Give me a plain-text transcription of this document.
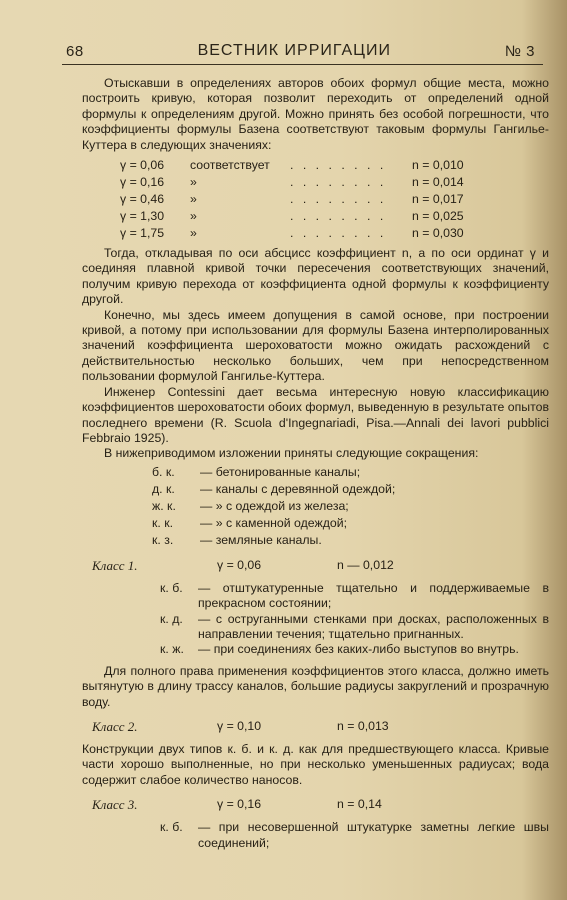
68	ВЕСТНИК ИРРИГАЦИИ	№ 3

Отыскавши в определениях авторов обоих формул общие места, можно построить кривую, которая позволит переходить от определений одной формулы к определениям другой. Можно принять без особой погрешности, что коэффициенты формулы Базена соответствуют таковым формулы Гангилье-Куттера в следующих значениях:

γ = 0,06	соответствует	. . . . . . . .	n = 0,010
γ = 0,16	»	. . . . . . . .	n = 0,014
γ = 0,46	»	. . . . . . . .	n = 0,017
γ = 1,30	»	. . . . . . . .	n = 0,025
γ = 1,75	»	. . . . . . . .	n = 0,030

Тогда, откладывая по оси абсцисс коэффициент n, а по оси ординат γ и соединяя плавной кривой точки пересечения соответствующих значений, получим кривую перехода от коэффициента одной формулы к коэффициенту другой.

Конечно, мы здесь имеем допущения в самой основе, при построении кривой, а потому при использовании для формулы Базена интерполированных значений коэффициента шероховатости можно ожидать расхождений с действительностью несколько больших, чем при непосредственном пользовании формулой Гангилье-Куттера.

Инженер Contessini дает весьма интересную новую классификацию коэффициентов шероховатости обоих формул, выведенную в результате опытов последнего времени (R. Scuola d'Ingegnariadi, Pisa.—Annali dei lavori pubblici Febbraio 1925).

В нижеприводимом изложении приняты следующие сокращения:

б. к.	— бетонированные каналы;
д. к.	— каналы с деревянной одеждой;
ж. к.	— » с одеждой из железа;
к. к.	— » с каменной одеждой;
к. з.	— земляные каналы.
Класс 1.	γ = 0,06	n — 0,012
к. б.	— отштукатуренные тщательно и поддерживаемые в прекрасном состоянии;
к. д.	— с оструганными стенками при досках, расположенных в направлении течения; тщательно пригнанных.
к. ж.	— при соединениях без каких-либо выступов во внутрь.

Для полного права применения коэффициентов этого класса, должно иметь вытянутую в длину трассу каналов, большие радиусы закруглений и прозрачную воду.

Класс 2.	γ = 0,10	n = 0,013

Конструкции двух типов к. б. и к. д. как для предшествующего класса. Кривые части хорошо выполненные, но при несколько уменьшенных радиусах; вода содержит слабое количество наносов.

Класс 3.	γ = 0,16	n = 0,14
к. б.	— при несовершенной штукатурке заметны легкие швы соединений;
